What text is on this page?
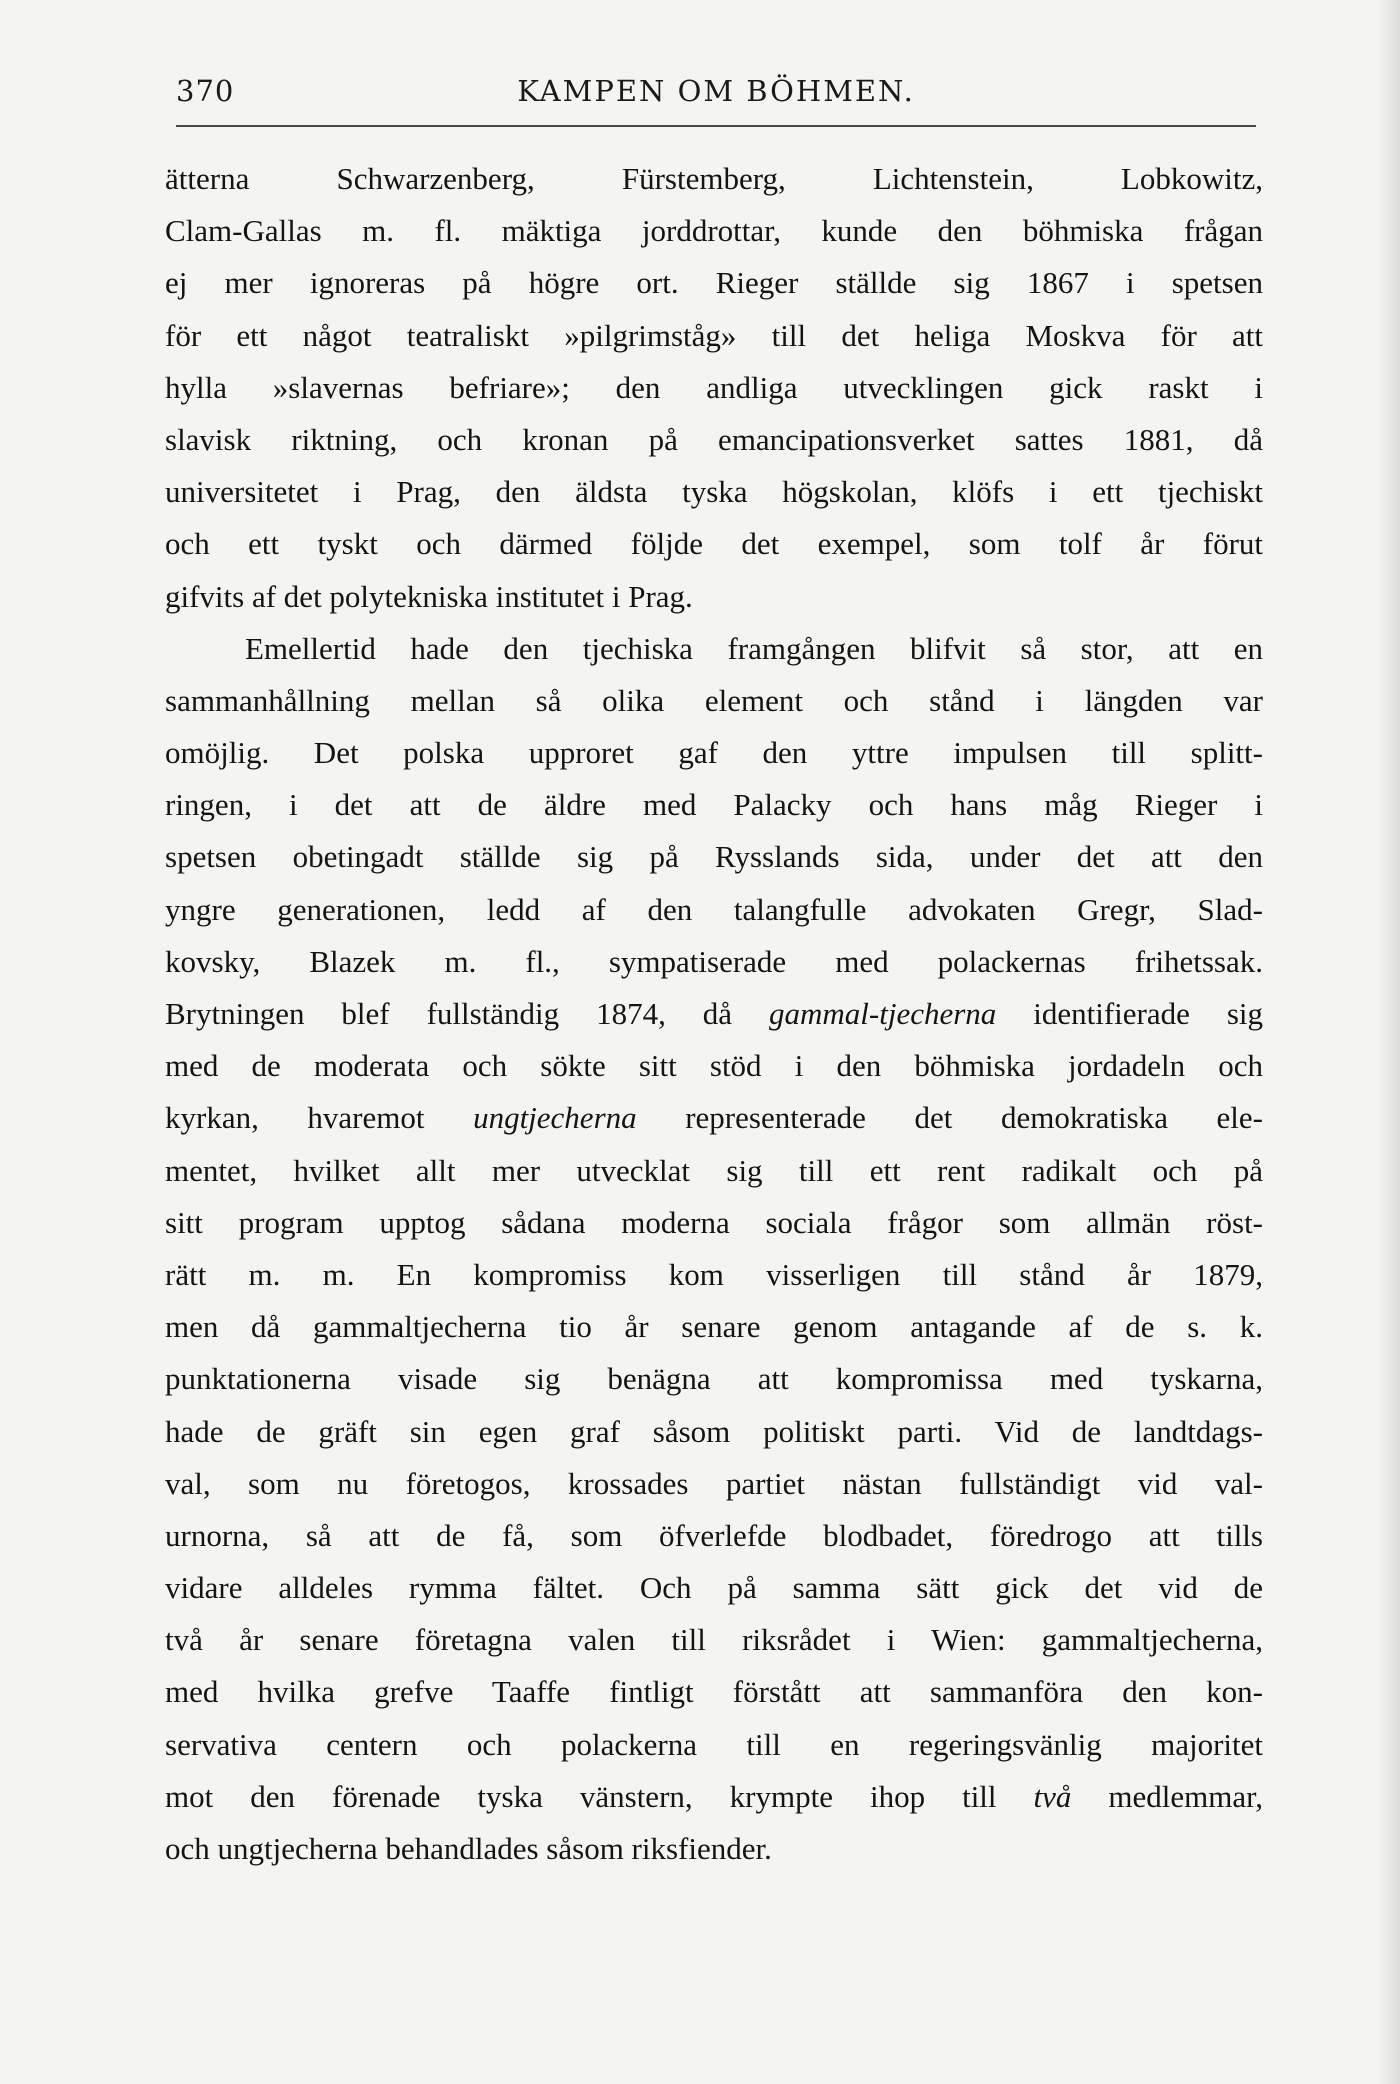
370	KAMPEN OM BÖHMEN.
ätterna Schwarzenberg, Fürstemberg, Lichtenstein, Lobkowitz,
Clam-Gallas m. fl. mäktiga jorddrottar, kunde den böhmiska frågan
ej mer ignoreras på högre ort. Rieger ställde sig 1867 i spetsen
för ett något teatraliskt »pilgrimståg» till det heliga Moskva för att
hylla »slavernas befriare»; den andliga utvecklingen gick raskt i
slavisk riktning, och kronan på emancipationsverket sattes 1881, då
universitetet i Prag, den äldsta tyska högskolan, klöfs i ett tjechiskt
och ett tyskt och därmed följde det exempel, som tolf år förut
gifvits af det polytekniska institutet i Prag.
Emellertid hade den tjechiska framgången blifvit så stor, att en
sammanhållning mellan så olika element och stånd i längden var
omöjlig. Det polska upproret gaf den yttre impulsen till splitt-
ringen, i det att de äldre med Palacky och hans måg Rieger i
spetsen obetingadt ställde sig på Rysslands sida, under det att den
yngre generationen, ledd af den talangfulle advokaten Gregr, Slad-
kovsky, Blazek m. fl., sympatiserade med polackernas frihetssak.
Brytningen blef fullständig 1874, då gammal-tjecherna identifierade sig
med de moderata och sökte sitt stöd i den böhmiska jordadeln och
kyrkan, hvaremot ungtjecherna representerade det demokratiska ele-
mentet, hvilket allt mer utvecklat sig till ett rent radikalt och på
sitt program upptog sådana moderna sociala frågor som allmän röst-
rätt m. m. En kompromiss kom visserligen till stånd år 1879,
men då gammaltjecherna tio år senare genom antagande af de s. k.
punktationerna visade sig benägna att kompromissa med tyskarna,
hade de gräft sin egen graf såsom politiskt parti. Vid de landtdags-
val, som nu företogos, krossades partiet nästan fullständigt vid val-
urnorna, så att de få, som öfverlefde blodbadet, föredrogo att tills
vidare alldeles rymma fältet. Och på samma sätt gick det vid de
två år senare företagna valen till riksrådet i Wien: gammaltjecherna,
med hvilka grefve Taaffe fintligt förstått att sammanföra den kon-
servativa centern och polackerna till en regeringsvänlig majoritet
mot den förenade tyska vänstern, krympte ihop till två medlemmar,
och ungtjecherna behandlades såsom riksfiender.
